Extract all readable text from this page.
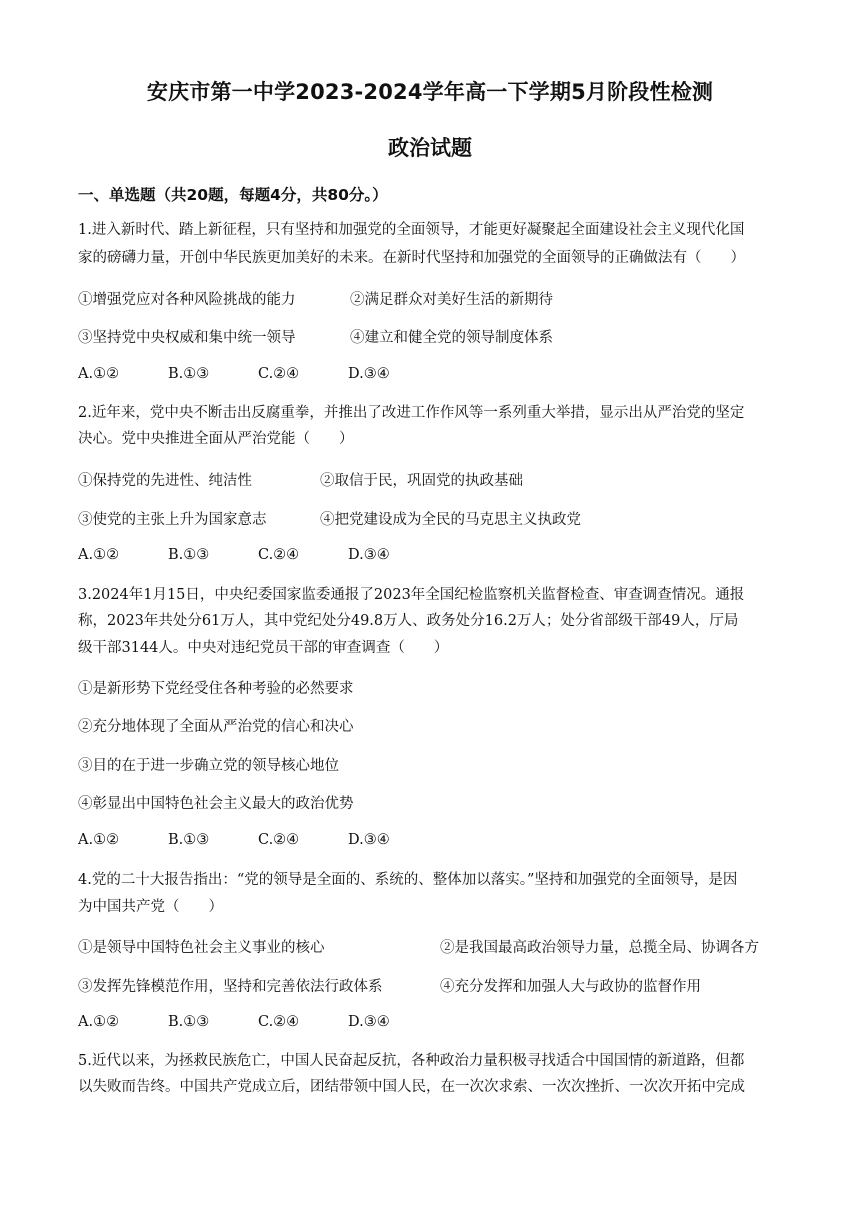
安庆市第一中学2023-2024学年高一下学期5月阶段性检测
政治试题
一、单选题（共20题，每题4分，共80分。）
1.进入新时代、踏上新征程，只有坚持和加强党的全面领导，才能更好凝聚起全面建设社会主义现代化国
家的磅礴力量，开创中华民族更加美好的未来。在新时代坚持和加强党的全面领导的正确做法有（　　）
①增强党应对各种风险挑战的能力	②满足群众对美好生活的新期待
③坚持党中央权威和集中统一领导	④建立和健全党的领导制度体系
A.①②	B.①③	C.②④	D.③④
2.近年来，党中央不断击出反腐重拳，并推出了改进工作作风等一系列重大举措，显示出从严治党的坚定
决心。党中央推进全面从严治党能（　　）
①保持党的先进性、纯洁性	②取信于民，巩固党的执政基础
③使党的主张上升为国家意志	④把党建设成为全民的马克思主义执政党
A.①②	B.①③	C.②④	D.③④
3.2024年1月15日，中央纪委国家监委通报了2023年全国纪检监察机关监督检查、审查调查情况。通报
称，2023年共处分61万人，其中党纪处分49.8万人、政务处分16.2万人；处分省部级干部49人，厅局
级干部3144人。中央对违纪党员干部的审查调查（　　）
①是新形势下党经受住各种考验的必然要求
②充分地体现了全面从严治党的信心和决心
③目的在于进一步确立党的领导核心地位
④彰显出中国特色社会主义最大的政治优势
A.①②	B.①③	C.②④	D.③④
4.党的二十大报告指出：“党的领导是全面的、系统的、整体加以落实。”坚持和加强党的全面领导，是因
为中国共产党（　　）
①是领导中国特色社会主义事业的核心	②是我国最高政治领导力量，总揽全局、协调各方
③发挥先锋模范作用，坚持和完善依法行政体系	④充分发挥和加强人大与政协的监督作用
A.①②	B.①③	C.②④	D.③④
5.近代以来，为拯救民族危亡，中国人民奋起反抗，各种政治力量积极寻找适合中国国情的新道路，但都
以失败而告终。中国共产党成立后，团结带领中国人民，在一次次求索、一次次挫折、一次次开拓中完成
